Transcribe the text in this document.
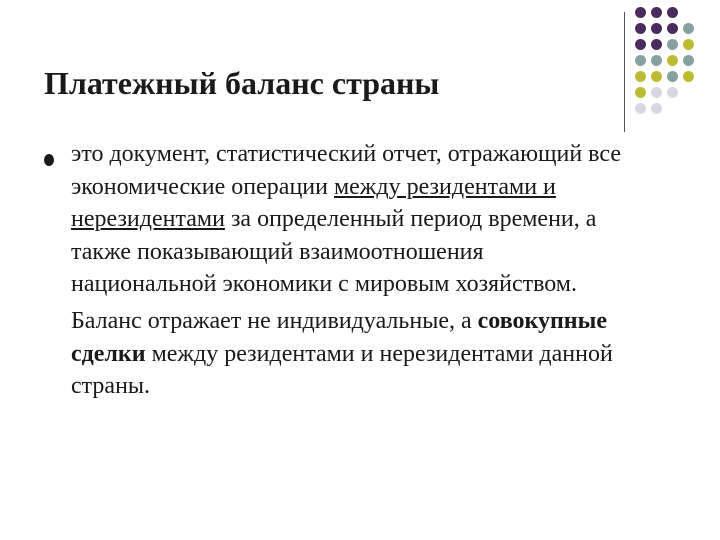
Платежный баланс страны

это документ, статистический отчет, отражающий все экономические операции между резидентами и нерезидентами за определенный период времени, а также показывающий взаимоотношения национальной экономики с мировым хозяйством.

Баланс отражает не индивидуальные, а совокупные сделки между резидентами и нерезидентами данной страны.
